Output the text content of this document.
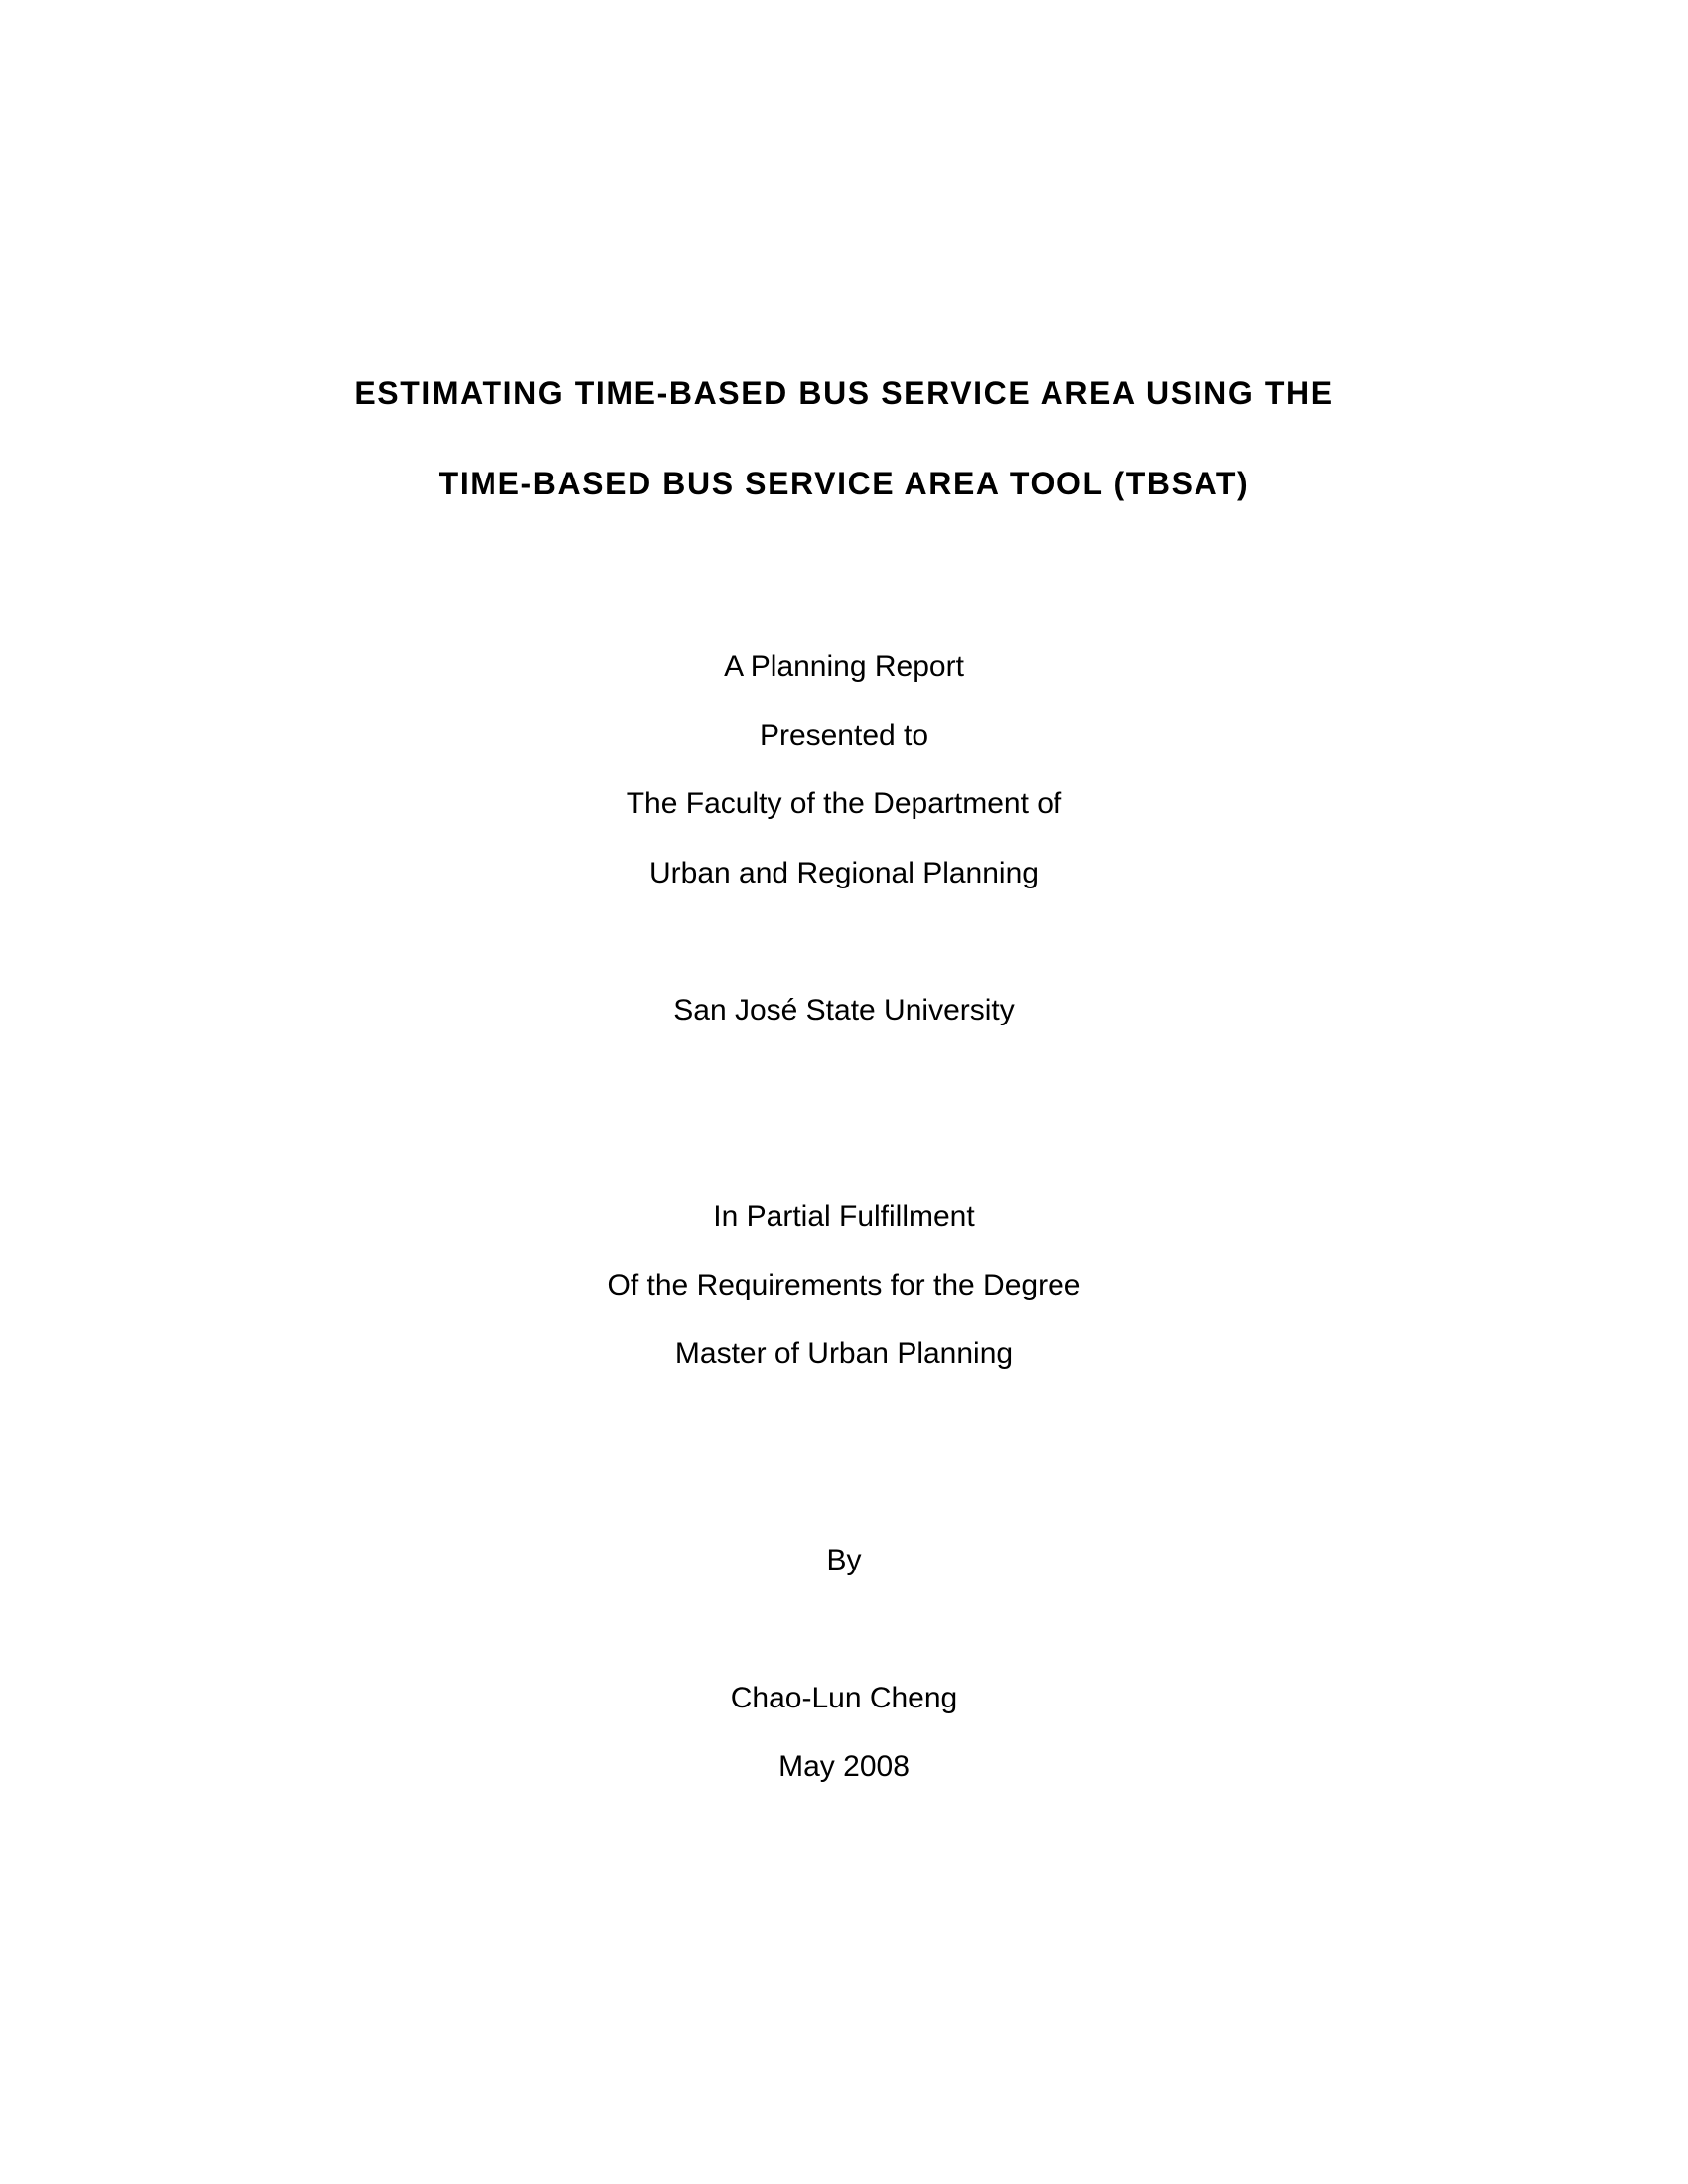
ESTIMATING TIME-BASED BUS SERVICE AREA USING THE
TIME-BASED BUS SERVICE AREA TOOL (TBSAT)
A Planning Report
Presented to
The Faculty of the Department of
Urban and Regional Planning
San José State University
In Partial Fulfillment
Of the Requirements for the Degree
Master of Urban Planning
By
Chao-Lun Cheng
May 2008
